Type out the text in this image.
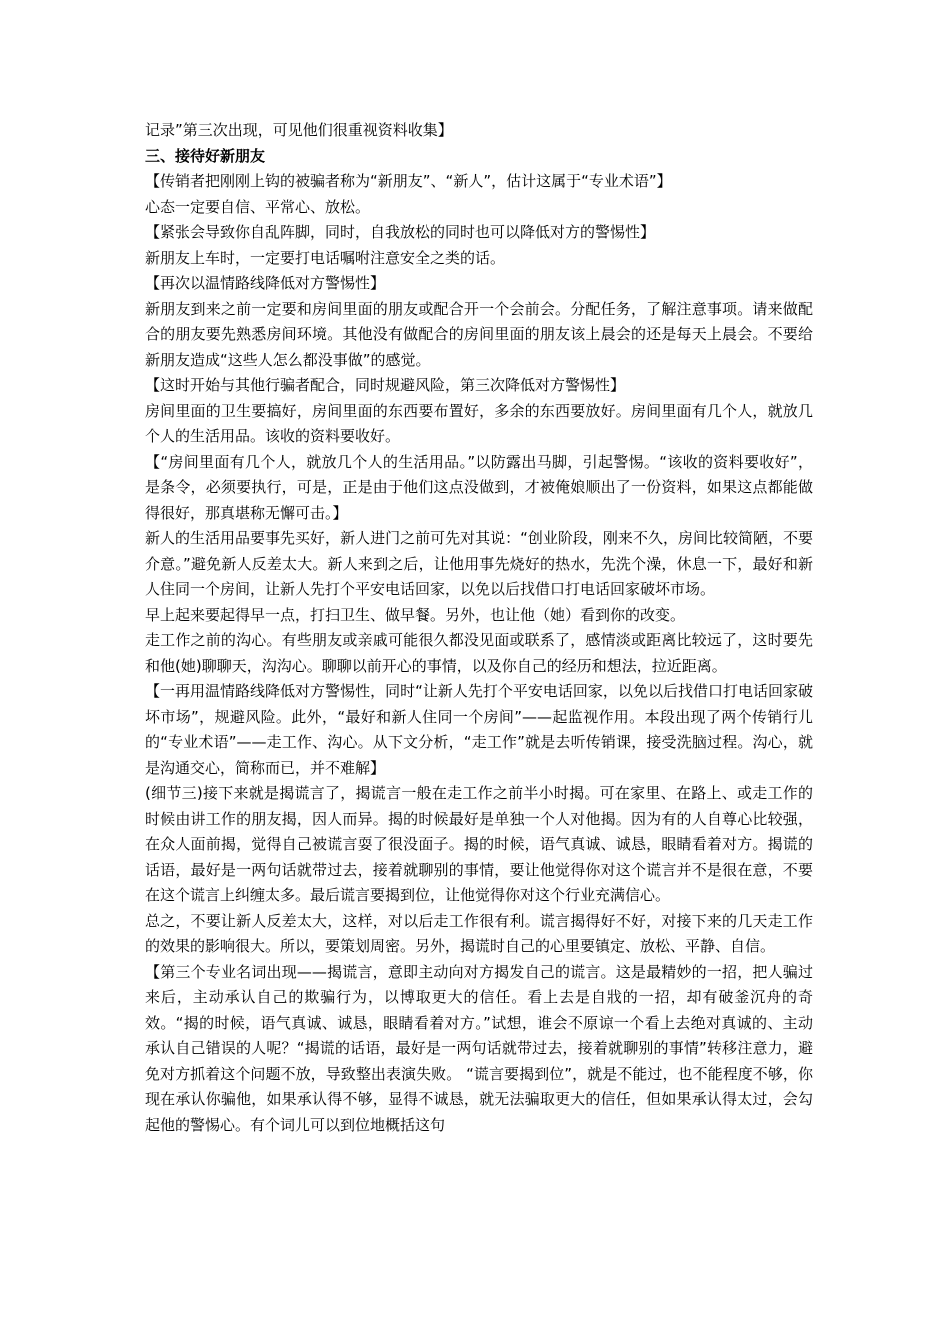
记录”第三次出现，可见他们很重视资料收集】

三、接待好新朋友

【传销者把刚刚上钩的被骗者称为“新朋友”、“新人”，估计这属于“专业术语”】

心态一定要自信、平常心、放松。

【紧张会导致你自乱阵脚，同时，自我放松的同时也可以降低对方的警惕性】

新朋友上车时，一定要打电话嘱咐注意安全之类的话。

【再次以温情路线降低对方警惕性】

新朋友到来之前一定要和房间里面的朋友或配合开一个会前会。分配任务，了解注意事项。请来做配合的朋友要先熟悉房间环境。其他没有做配合的房间里面的朋友该上晨会的还是每天上晨会。不要给新朋友造成“这些人怎么都没事做”的感觉。

【这时开始与其他行骗者配合，同时规避风险，第三次降低对方警惕性】

房间里面的卫生要搞好，房间里面的东西要布置好，多余的东西要放好。房间里面有几个人，就放几个人的生活用品。该收的资料要收好。

【“房间里面有几个人，就放几个人的生活用品。”以防露出马脚，引起警惕。“该收的资料要收好”，是条令，必须要执行，可是，正是由于他们这点没做到，才被俺娘顺出了一份资料，如果这点都能做得很好，那真堪称无懈可击。】

新人的生活用品要事先买好，新人进门之前可先对其说：“创业阶段，刚来不久，房间比较简陋，不要介意。”避免新人反差太大。新人来到之后，让他用事先烧好的热水，先洗个澡，休息一下，最好和新人住同一个房间，让新人先打个平安电话回家，以免以后找借口打电话回家破坏市场。

早上起来要起得早一点，打扫卫生、做早餐。另外，也让他（她）看到你的改变。

走工作之前的沟心。有些朋友或亲戚可能很久都没见面或联系了，感情淡或距离比较远了，这时要先和他(她)聊聊天，沟沟心。聊聊以前开心的事情，以及你自己的经历和想法，拉近距离。

【一再用温情路线降低对方警惕性，同时“让新人先打个平安电话回家，以免以后找借口打电话回家破坏市场”，规避风险。此外，“最好和新人住同一个房间”——起监视作用。本段出现了两个传销行儿的“专业术语”——走工作、沟心。从下文分析，“走工作”就是去听传销课，接受洗脑过程。沟心，就是沟通交心，简称而已，并不难解】

(细节三)接下来就是揭谎言了，揭谎言一般在走工作之前半小时揭。可在家里、在路上、或走工作的时候由讲工作的朋友揭，因人而异。揭的时候最好是单独一个人对他揭。因为有的人自尊心比较强，在众人面前揭，觉得自己被谎言耍了很没面子。揭的时候，语气真诚、诚恳，眼睛看着对方。揭谎的话语，最好是一两句话就带过去，接着就聊别的事情，要让他觉得你对这个谎言并不是很在意，不要在这个谎言上纠缠太多。最后谎言要揭到位，让他觉得你对这个行业充满信心。

总之，不要让新人反差太大，这样，对以后走工作很有利。谎言揭得好不好，对接下来的几天走工作的效果的影响很大。所以，要策划周密。另外，揭谎时自己的心里要镇定、放松、平静、自信。

【第三个专业名词出现——揭谎言，意即主动向对方揭发自己的谎言。这是最精妙的一招，把人骗过来后，主动承认自己的欺骗行为，以博取更大的信任。看上去是自戕的一招，却有破釜沉舟的奇效。“揭的时候，语气真诚、诚恳，眼睛看着对方。”试想，谁会不原谅一个看上去绝对真诚的、主动承认自己错误的人呢？“揭谎的话语，最好是一两句话就带过去，接着就聊别的事情”转移注意力，避免对方抓着这个问题不放，导致整出表演失败。 “谎言要揭到位”，就是不能过，也不能程度不够，你现在承认你骗他，如果承认得不够，显得不诚恳，就无法骗取更大的信任，但如果承认得太过，会勾起他的警惕心。有个词儿可以到位地概括这句
